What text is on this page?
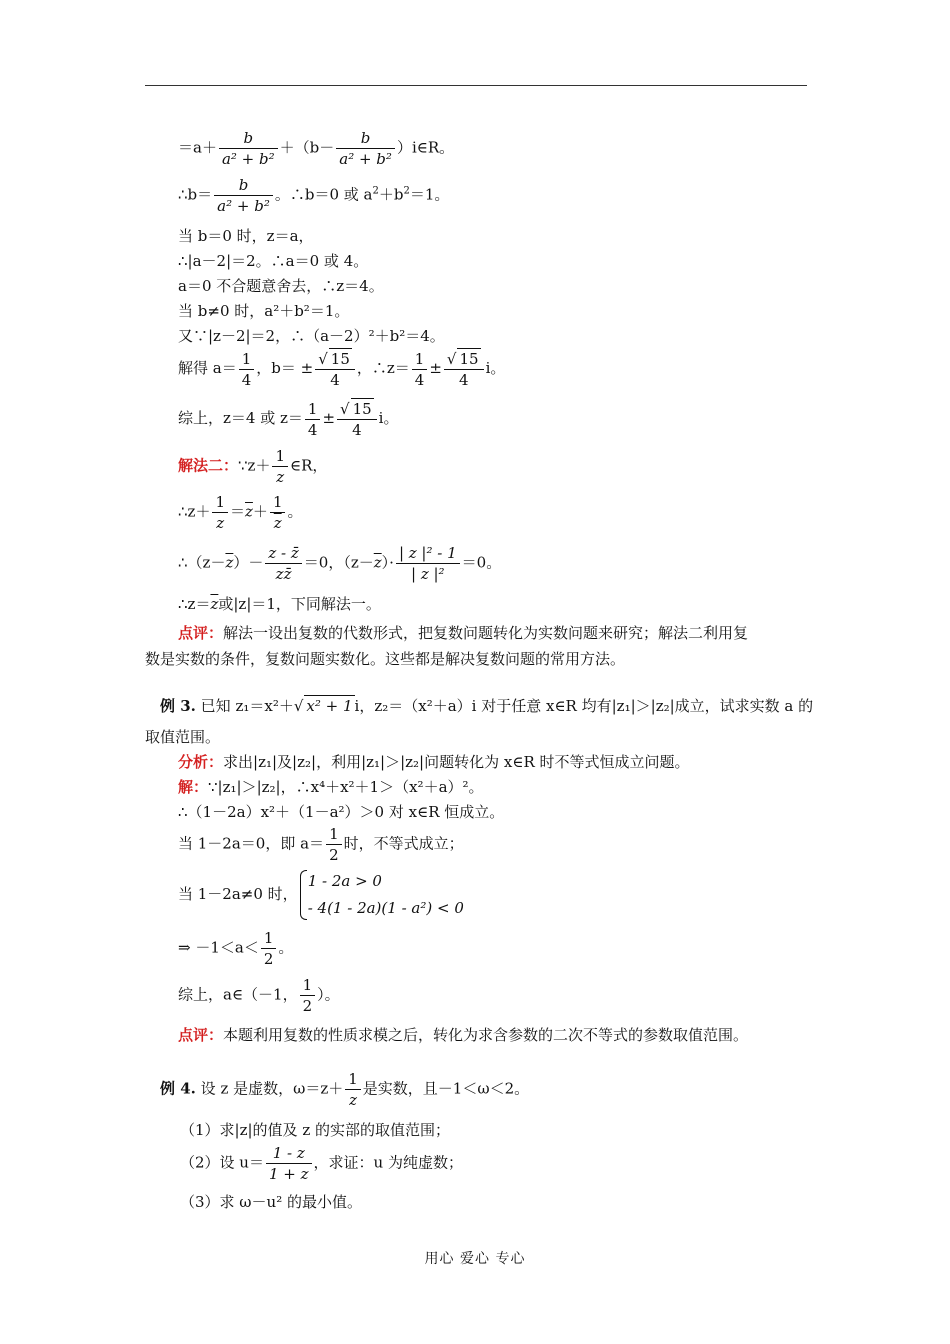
$=a+ \frac{b}{\text{a² + b²}} +(b- \frac{b}{\text{a² + b²}}$ ）i∈R。
∴b＝ $\frac{b}{\text{a² + b²}}$ 。∴b＝0 或 $a^2+b^2=1$。
当 b＝0 时，z＝a，
∴|a－2|＝2。∴a＝0 或 4。
a＝0 不合题意舍去，∴z＝4。
当 b≠0 时，a²＋b²＝1。
又∵|z－2|＝2，∴（a－2）²＋b²＝4。
解得 $a= \frac{1}{4}$ ，$b= \pm \frac{√ 15}{4}$ ，∴z＝ $\frac{1}{4} \pm \frac{√ 15}{4}$ i。
综上，z＝4 或 $z= \frac{1}{4} \pm \frac{√ 15}{4}$ i。
解法二：∵z＋ $\frac{1}{z}$ ∈R，
∴z＋ $\frac{1}{z} =\overline{z}+ \frac{1}{z}$ 。
$\therefore(z-\overline{z})- \frac{z - z̄}{zz̄} =0$，$(z-\overline{z})\cdot \frac{\text{| z |² - 1}}{\text{| z |²}} =0$。
$\therefore z=\overline{z}$或|z|＝1，下同解法一。
点评：解法一设出复数的代数形式，把复数问题转化为实数问题来研究；解法二利用复
数是实数的条件，复数问题实数化。这些都是解决复数问题的常用方法。
例 3. 已知 z₁＝x²＋√ x² + 1 i，z₂＝（x²＋a）i 对于任意 x∈R 均有|z₁|＞|z₂|成立，试求实数 a 的
取值范围。
分析：求出|z₁|及|z₂|，利用|z₁|＞|z₂|问题转化为 x∈R 时不等式恒成立问题。
解：∵|z₁|＞|z₂|，∴x⁴＋x²＋1＞（x²＋a）²。
∴（1－2a）x²＋（1－a²）＞0 对 x∈R 恒成立。
当 1－2a＝0，即 $a= \frac{1}{2}$ 时，不等式成立；
当 1－2a≠0 时，
1 - 2a > 0
- 4(1 - 2a)(1 - a²) < 0
⇒ $-1<a< \frac{1}{2}$ 。
综上，a∈（－1， $\frac{1}{2}$ ）。
点评：本题利用复数的性质求模之后，转化为求含参数的二次不等式的参数取值范围。
例 4. 设 z 是虚数，$\omega=z+ \frac{1}{z}$ 是实数，且－1＜ω＜2。
（1）求|z|的值及 z 的实部的取值范围；
（2）设 $u= \frac{1 - z}{1 + z}$ ，求证：u 为纯虚数；
（3）求 ω－u² 的最小值。
用心 爱心 专心
